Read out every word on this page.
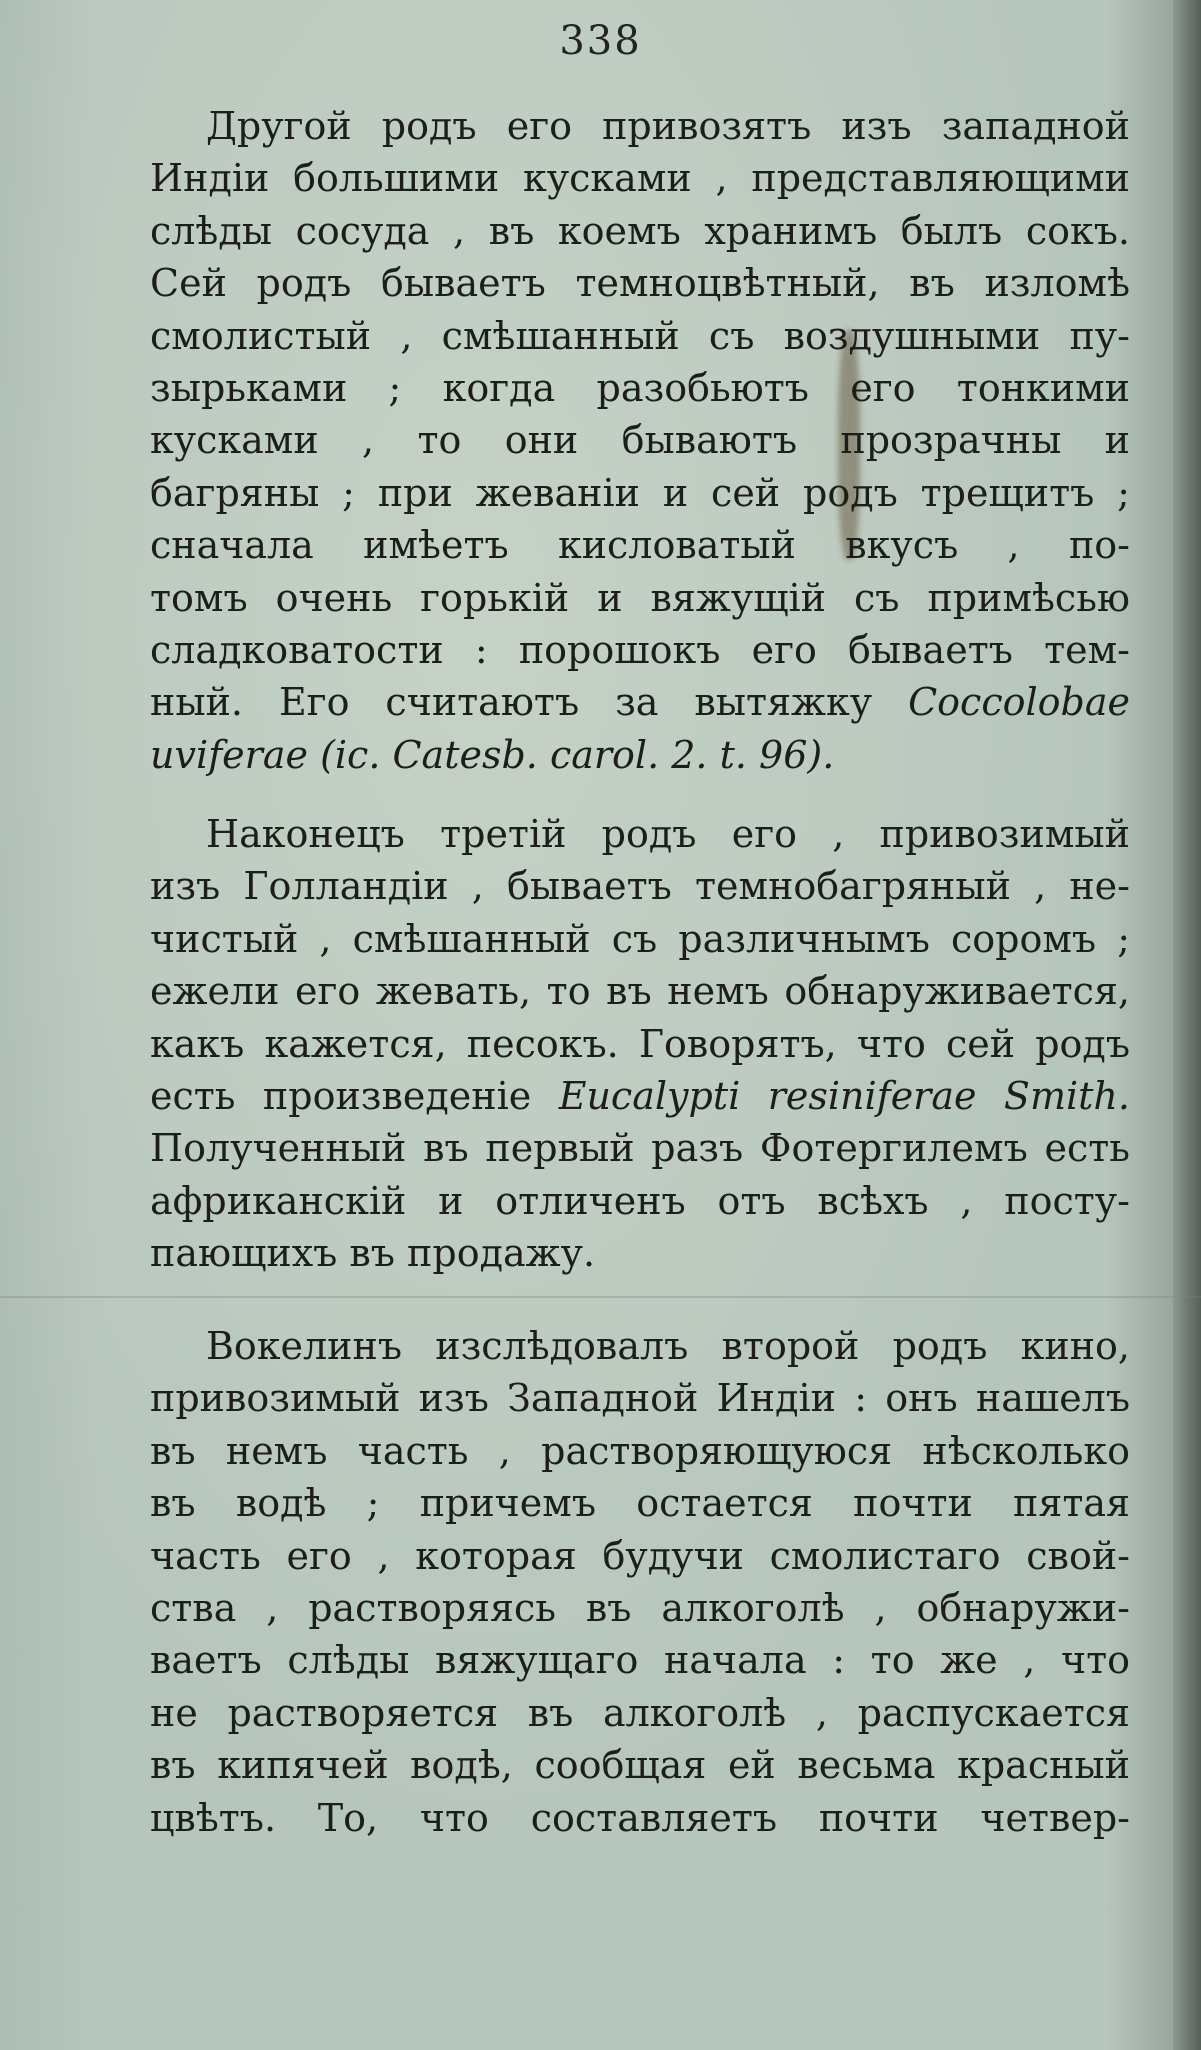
338
Другой родъ его привозятъ изъ западной
Индіи большими кусками , представляющими
слѣды сосуда , въ коемъ хранимъ былъ сокъ.
Сей родъ бываетъ темноцвѣтный, въ изломѣ
смолистый , смѣшанный съ воздушными пу-
зырьками ; когда разобьютъ его тонкими
кусками , то они бываютъ прозрачны и
багряны ; при жеваніи и сей родъ трещитъ ;
сначала имѣетъ кисловатый вкусъ , по-
томъ очень горькій и вяжущій съ примѣсью
сладковатости : порошокъ его бываетъ тем-
ный. Его считаютъ за вытяжку Coccolobae
uviferae (ic. Catesb. carol. 2. t. 96).
Наконецъ третій родъ его , привозимый
изъ Голландіи , бываетъ темнобагряный , не-
чистый , смѣшанный съ различнымъ соромъ ;
ежели его жевать, то въ немъ обнаруживается,
какъ кажется, песокъ. Говорятъ, что сей родъ
есть произведеніе Eucalypti resiniferae Smith.
Полученный въ первый разъ Фотергилемъ есть
африканскій и отличенъ отъ всѣхъ , посту-
пающихъ въ продажу.
Вокелинъ изслѣдовалъ второй родъ кино,
привозимый изъ Западной Индіи : онъ нашелъ
въ немъ часть , растворяющуюся нѣсколько
въ водѣ ; причемъ остается почти пятая
часть его , которая будучи смолистаго свой-
ства , растворяясь въ алкоголѣ , обнаружи-
ваетъ слѣды вяжущаго начала : то же , что
не растворяется въ алкоголѣ , распускается
въ кипячей водѣ, сообщая ей весьма красный
цвѣтъ. То, что составляетъ почти четвер-
